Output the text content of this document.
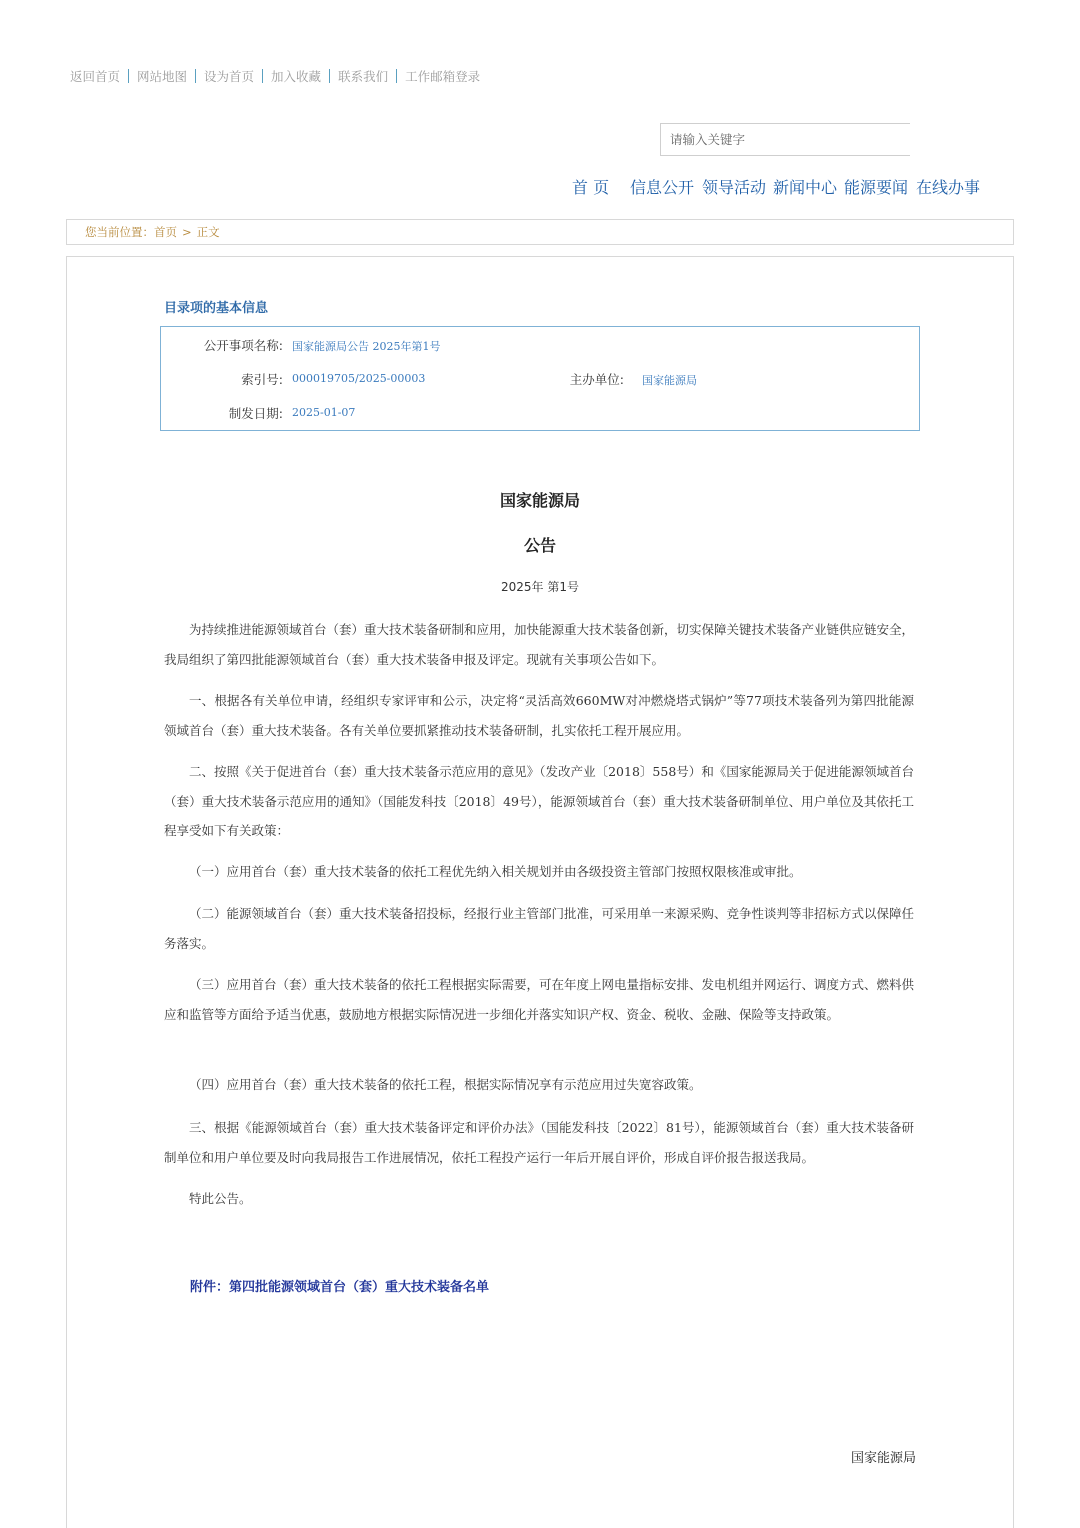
返回首页 网站地图 设为首页 加入收藏 联系我们 工作邮箱登录
请输入关键字
首 页 信息公开 领导活动 新闻中心 能源要闻 在线办事
您当前位置：首页 > 正文
目录项的基本信息
公开事项名称: 国家能源局公告 2025年第1号
索引号: 000019705/2025-00003	主办单位: 国家能源局
制发日期: 2025-01-07
国家能源局
公告
2025年 第1号

为持续推进能源领域首台（套）重大技术装备研制和应用，加快能源重大技术装备创新，切实保障关键技术装备产业链供应链安全，我局组织了第四批能源领域首台（套）重大技术装备申报及评定。现就有关事项公告如下。

一、根据各有关单位申请，经组织专家评审和公示，决定将“灵活高效660MW对冲燃烧塔式锅炉”等77项技术装备列为第四批能源领域首台（套）重大技术装备。各有关单位要抓紧推动技术装备研制，扎实依托工程开展应用。

二、按照《关于促进首台（套）重大技术装备示范应用的意见》（发改产业〔2018〕558号）和《国家能源局关于促进能源领域首台（套）重大技术装备示范应用的通知》（国能发科技〔2018〕49号），能源领域首台（套）重大技术装备研制单位、用户单位及其依托工程享受如下有关政策：

（一）应用首台（套）重大技术装备的依托工程优先纳入相关规划并由各级投资主管部门按照权限核准或审批。

（二）能源领域首台（套）重大技术装备招投标，经报行业主管部门批准，可采用单一来源采购、竞争性谈判等非招标方式以保障任务落实。

（三）应用首台（套）重大技术装备的依托工程根据实际需要，可在年度上网电量指标安排、发电机组并网运行、调度方式、燃料供应和监管等方面给予适当优惠，鼓励地方根据实际情况进一步细化并落实知识产权、资金、税收、金融、保险等支持政策。

（四）应用首台（套）重大技术装备的依托工程，根据实际情况享有示范应用过失宽容政策。

三、根据《能源领域首台（套）重大技术装备评定和评价办法》（国能发科技〔2022〕81号），能源领域首台（套）重大技术装备研制单位和用户单位要及时向我局报告工作进展情况，依托工程投产运行一年后开展自评价，形成自评价报告报送我局。

特此公告。

附件：第四批能源领域首台（套）重大技术装备名单
国家能源局
